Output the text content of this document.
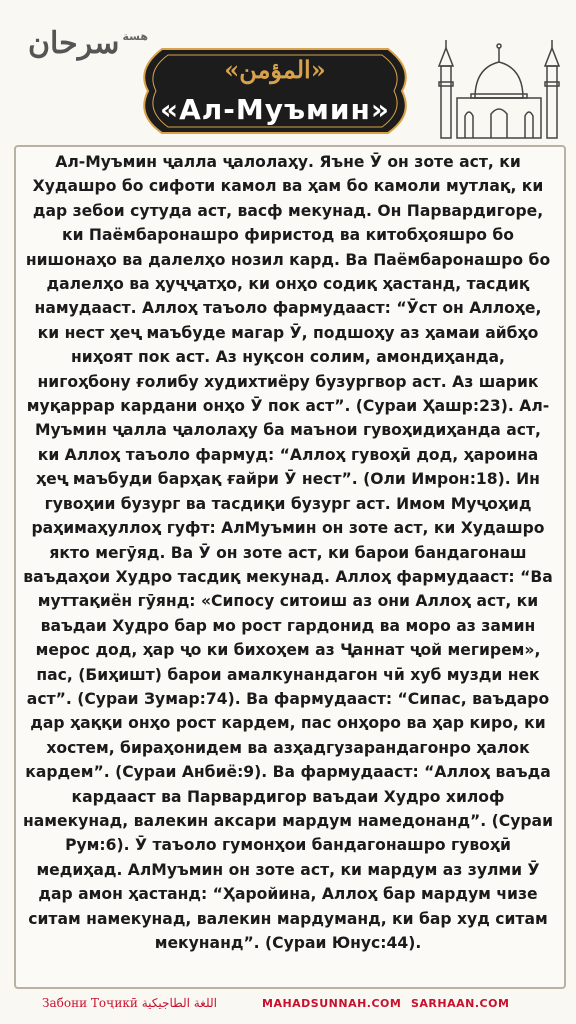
سرحان هسة
«المؤمن»
«Ал-Муъмин»

Ал-Муъмин ҷалла ҷалолаҳу. Яъне Ӯ он зоте аст, ки Худашро бо сифоти камол ва ҳам бо камоли мутлақ, ки дар зебои сутуда аст, васф мекунад. Он Парвардигоре, ки Паёмбаронашро фиристод ва китобҳояшро бо нишонаҳо ва далелҳо нозил кард. Ва Паёмбаронашро бо далелҳо ва ҳуҷҷатҳо, ки онҳо содиқ ҳастанд, тасдиқ намудааст. Аллоҳ таъоло фармудааст: “Ӯст он Аллоҳе, ки нест ҳеҷ маъбуде магар Ӯ, подшоҳу аз ҳамаи айбҳо ниҳоят пок аст. Аз нуқсон солим, амондиҳанда, нигоҳбону ғолибу худихтиёру бузургвор аст. Аз шарик муқаррар кардани онҳо Ӯ пок аст”. (Сураи Ҳашр:23). Ал-Муъмин ҷалла ҷалолаҳу ба маънои гувоҳидиҳанда аст, ки Аллоҳ таъоло фармуд: “Аллоҳ гувоҳӣ дод, ҳароина ҳеҷ маъбуди барҳақ ғайри Ӯ нест”. (Оли Имрон:18). Ин гувоҳии бузург ва тасдиқи бузург аст. Имом Муҷоҳид раҳимаҳуллоҳ гуфт: АлМуъмин он зоте аст, ки Худашро якто мегӯяд. Ва Ӯ он зоте аст, ки барои бандагонаш ваъдаҳои Худро тасдиқ мекунад. Аллоҳ фармудааст: “Ва муттақиён гӯянд: «Сипосу ситоиш аз они Аллоҳ аст, ки ваъдаи Худро бар мо рост гардонид ва моро аз замин мерос дод, ҳар ҷо ки бихоҳем аз Ҷаннат ҷой мегирем», пас, (Биҳишт) барои амалкунандагон чӣ хуб музди нек аст”. (Сураи Зумар:74). Ва фармудааст: “Сипас, ваъдаро дар ҳаққи онҳо рост кардем, пас онҳоро ва ҳар киро, ки хостем, бираҳонидем ва азҳадгузарандагонро ҳалок кардем”. (Сураи Анбиё:9). Ва фармудааст: “Аллоҳ ваъда кардааст ва Парвардигор ваъдаи Худро хилоф намекунад, валекин аксари мардум намедонанд”. (Сураи Рум:6). Ӯ таъоло гумонҳои бандагонашро гувоҳӣ медиҳад. АлМуъмин он зоте аст, ки мардум аз зулми Ӯ дар амон ҳастанд: “Ҳаройина, Аллоҳ бар мардум чизе ситам намекунад, валекин мардуманд, ки бар худ ситам мекунанд”. (Сураи Юнус:44).

Забони Тоҷикӣ اللغة الطاجيكية	MAHADSUNNAH.COM SARHAAN.COM
